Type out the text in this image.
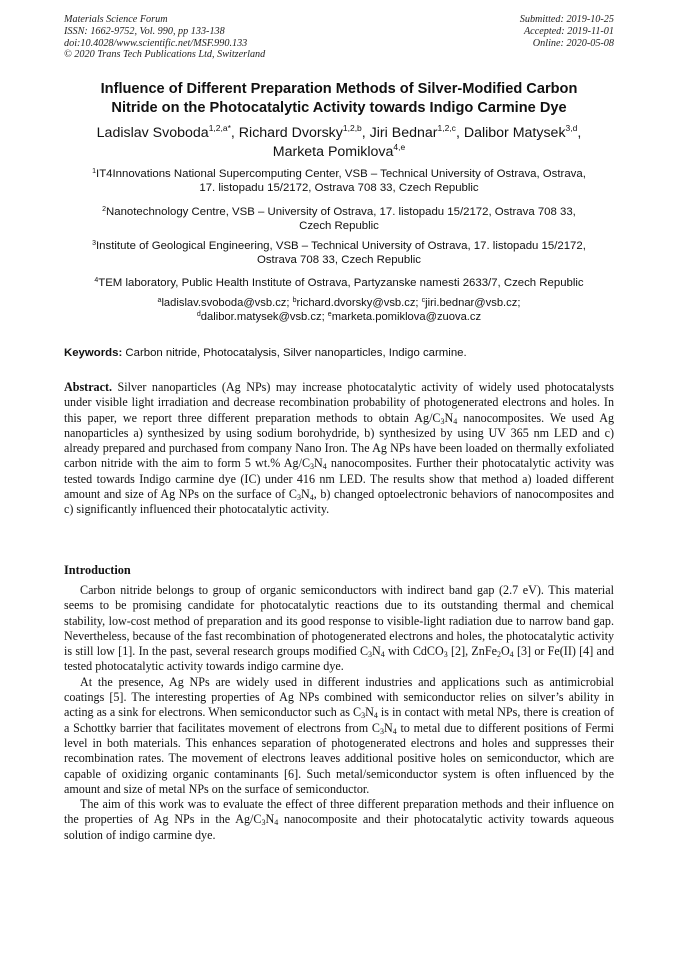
Materials Science Forum
ISSN: 1662-9752, Vol. 990, pp 133-138
doi:10.4028/www.scientific.net/MSF.990.133
© 2020 Trans Tech Publications Ltd, Switzerland
Submitted: 2019-10-25
Accepted: 2019-11-01
Online: 2020-05-08
Influence of Different Preparation Methods of Silver-Modified Carbon
Nitride on the Photocatalytic Activity towards Indigo Carmine Dye
Ladislav Svoboda$^{1,2,a*}$, Richard Dvorsky$^{1,2,b}$, Jiri Bednar$^{1,2,c}$, Dalibor Matysek$^{3,d}$,
Marketa Pomiklova$^{4,e}$
$^1$IT4Innovations National Supercomputing Center, VSB – Technical University of Ostrava, Ostrava,
17. listopadu 15/2172, Ostrava 708 33, Czech Republic
$^2$Nanotechnology Centre, VSB – University of Ostrava, 17. listopadu 15/2172, Ostrava 708 33,
Czech Republic
$^3$Institute of Geological Engineering, VSB – Technical University of Ostrava, 17. listopadu 15/2172,
Ostrava 708 33, Czech Republic
$^4$TEM laboratory, Public Health Institute of Ostrava, Partyzanske namesti 2633/7, Czech Republic
$^a$ladislav.svoboda@vsb.cz; $^b$richard.dvorsky@vsb.cz; $^c$jiri.bednar@vsb.cz;
$^d$dalibor.matysek@vsb.cz; $^e$marketa.pomiklova@zuova.cz
Keywords: Carbon nitride, Photocatalysis, Silver nanoparticles, Indigo carmine.
Abstract. Silver nanoparticles (Ag NPs) may increase photocatalytic activity of widely used photocatalysts under visible light irradiation and decrease recombination probability of photogenerated electrons and holes. In this paper, we report three different preparation methods to obtain $Ag/C_3N_4$ nanocomposites. We used Ag nanoparticles a) synthesized by using sodium borohydride, b) synthesized by using UV 365 nm LED and c) already prepared and purchased from company Nano Iron. The Ag NPs have been loaded on thermally exfoliated carbon nitride with the aim to form 5 wt.% $Ag/C_3N_4$ nanocomposites. Further their photocatalytic activity was tested towards Indigo carmine dye (IC) under 416 nm LED. The results show that method a) loaded different amount and size of Ag NPs on the surface of $C_3N_4$, b) changed optoelectronic behaviors of nanocomposites and c) significantly influenced their photocatalytic activity.
Introduction

Carbon nitride belongs to group of organic semiconductors with indirect band gap (2.7 eV). This material seems to be promising candidate for photocatalytic reactions due to its outstanding thermal and chemical stability, low-cost method of preparation and its good response to visible-light radiation due to narrow band gap. Nevertheless, because of the fast recombination of photogenerated electrons and holes, the photocatalytic activity is still low [1]. In the past, several research groups modified $C_3N_4$ with CdCO$_3$ [2], $ZnFe_2O_4$ [3] or Fe(II) [4] and tested photocatalytic activity towards indigo carmine dye.

At the presence, Ag NPs are widely used in different industries and applications such as antimicrobial coatings [5]. The interesting properties of Ag NPs combined with semiconductor relies on silver’s ability in acting as a sink for electrons. When semiconductor such as $C_3N_4$ is in contact with metal NPs, there is creation of a Schottky barrier that facilitates movement of electrons from $C_3N_4$ to metal due to different positions of Fermi level in both materials. This enhances separation of photogenerated electrons and holes and suppresses their recombination rates. The movement of electrons leaves additional positive holes on semiconductor, which are capable of oxidizing organic contaminants [6]. Such metal/semiconductor system is often influenced by the amount and size of metal NPs on the surface of semiconductor.

The aim of this work was to evaluate the effect of three different preparation methods and their influence on the properties of Ag NPs in the $Ag/C_3N_4$ nanocomposite and their photocatalytic activity towards aqueous solution of indigo carmine dye.
